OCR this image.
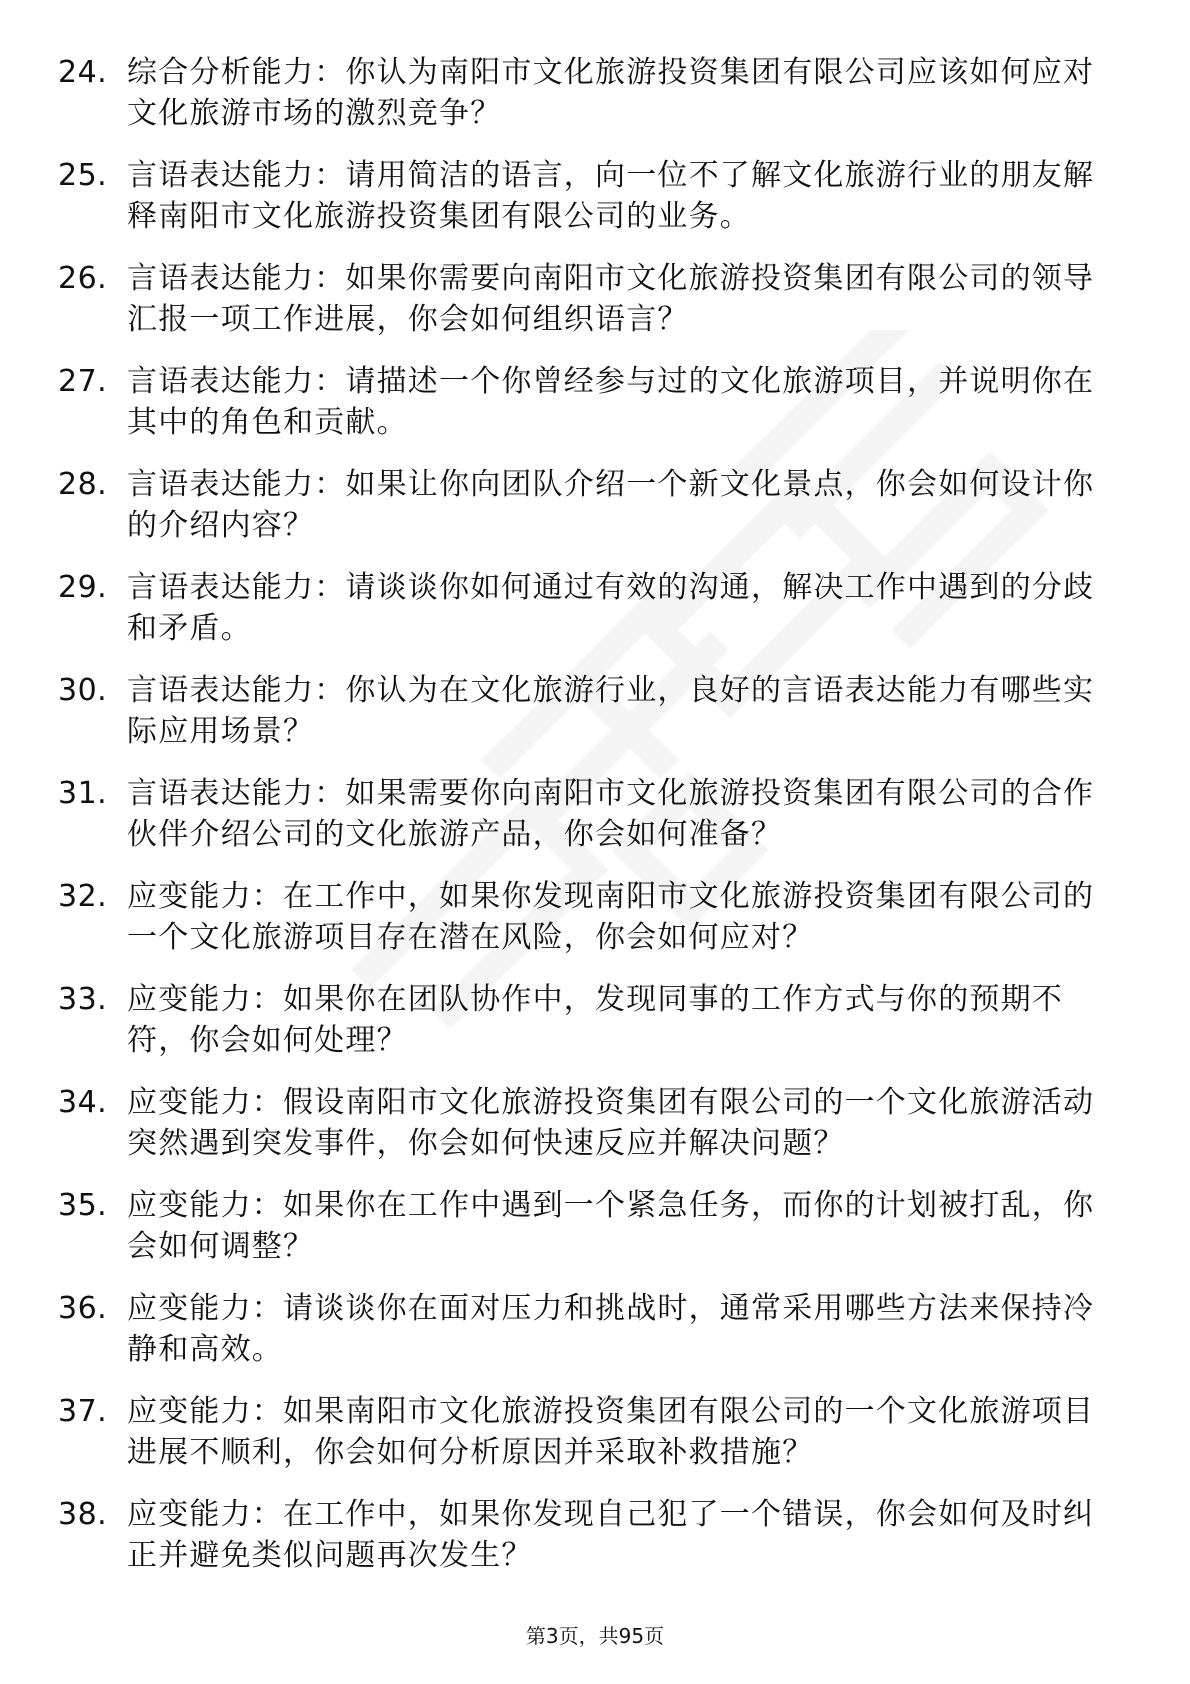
24. 综合分析能力：你认为南阳市文化旅游投资集团有限公司应该如何应对文化旅游市场的激烈竞争？
25. 言语表达能力：请用简洁的语言，向一位不了解文化旅游行业的朋友解释南阳市文化旅游投资集团有限公司的业务。
26. 言语表达能力：如果你需要向南阳市文化旅游投资集团有限公司的领导汇报一项工作进展，你会如何组织语言？
27. 言语表达能力：请描述一个你曾经参与过的文化旅游项目，并说明你在其中的角色和贡献。
28. 言语表达能力：如果让你向团队介绍一个新文化景点，你会如何设计你的介绍内容？
29. 言语表达能力：请谈谈你如何通过有效的沟通，解决工作中遇到的分歧和矛盾。
30. 言语表达能力：你认为在文化旅游行业，良好的言语表达能力有哪些实际应用场景？
31. 言语表达能力：如果需要你向南阳市文化旅游投资集团有限公司的合作伙伴介绍公司的文化旅游产品，你会如何准备？
32. 应变能力：在工作中，如果你发现南阳市文化旅游投资集团有限公司的一个文化旅游项目存在潜在风险，你会如何应对？
33. 应变能力：如果你在团队协作中，发现同事的工作方式与你的预期不符，你会如何处理？
34. 应变能力：假设南阳市文化旅游投资集团有限公司的一个文化旅游活动突然遇到突发事件，你会如何快速反应并解决问题？
35. 应变能力：如果你在工作中遇到一个紧急任务，而你的计划被打乱，你会如何调整？
36. 应变能力：请谈谈你在面对压力和挑战时，通常采用哪些方法来保持冷静和高效。
37. 应变能力：如果南阳市文化旅游投资集团有限公司的一个文化旅游项目进展不顺利，你会如何分析原因并采取补救措施？
38. 应变能力：在工作中，如果你发现自己犯了一个错误，你会如何及时纠正并避免类似问题再次发生？
第3页，共95页
